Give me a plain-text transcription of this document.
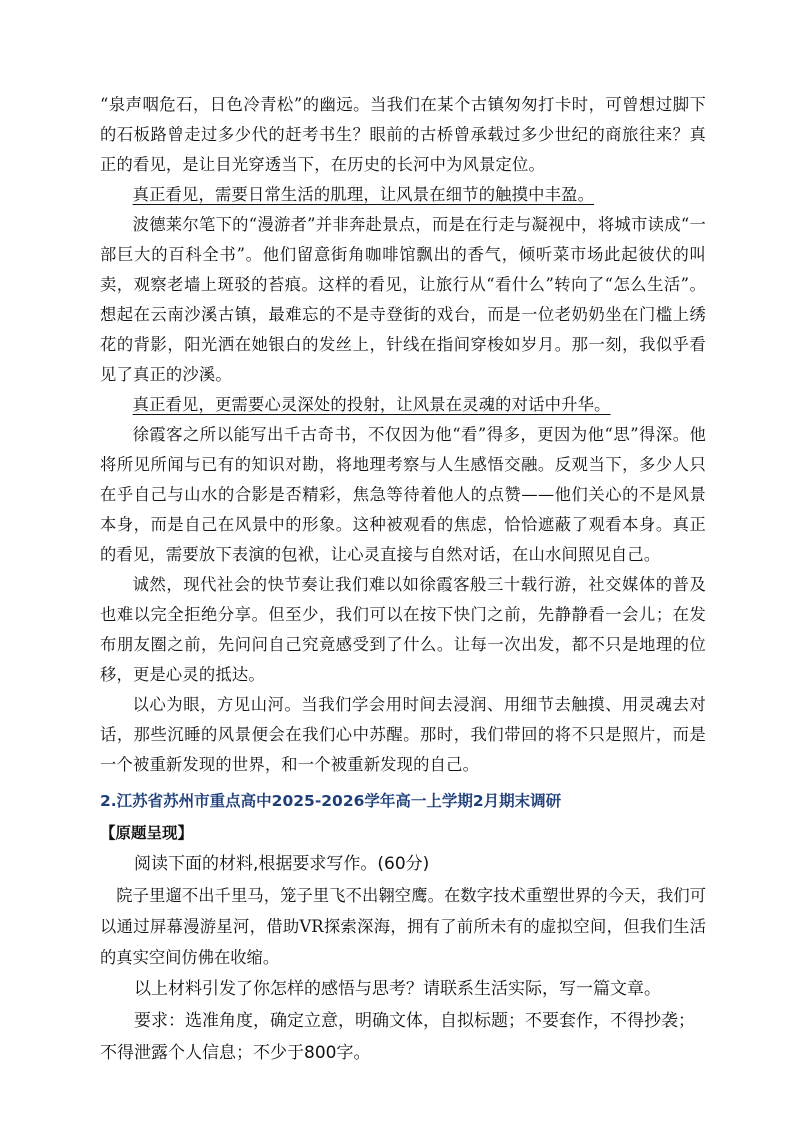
“泉声咽危石，日色冷青松”的幽远。当我们在某个古镇匆匆打卡时，可曾想过脚下的石板路曾走过多少代的赶考书生？眼前的古桥曾承载过多少世纪的商旅往来？真正的看见，是让目光穿透当下，在历史的长河中为风景定位。

真正看见，需要日常生活的肌理，让风景在细节的触摸中丰盈。

波德莱尔笔下的“漫游者”并非奔赴景点，而是在行走与凝视中，将城市读成“一部巨大的百科全书”。他们留意街角咖啡馆飘出的香气，倾听菜市场此起彼伏的叫卖，观察老墙上斑驳的苔痕。这样的看见，让旅行从“看什么”转向了“怎么生活”。想起在云南沙溪古镇，最难忘的不是寺登街的戏台，而是一位老奶奶坐在门槛上绣花的背影，阳光洒在她银白的发丝上，针线在指间穿梭如岁月。那一刻，我似乎看见了真正的沙溪。

真正看见，更需要心灵深处的投射，让风景在灵魂的对话中升华。

徐霞客之所以能写出千古奇书，不仅因为他“看”得多，更因为他“思”得深。他将所见所闻与已有的知识对勘，将地理考察与人生感悟交融。反观当下，多少人只在乎自己与山水的合影是否精彩，焦急等待着他人的点赞——他们关心的不是风景本身，而是自己在风景中的形象。这种被观看的焦虑，恰恰遮蔽了观看本身。真正的看见，需要放下表演的包袱，让心灵直接与自然对话，在山水间照见自己。

诚然，现代社会的快节奏让我们难以如徐霞客般三十载行游，社交媒体的普及也难以完全拒绝分享。但至少，我们可以在按下快门之前，先静静看一会儿；在发布朋友圈之前，先问问自己究竟感受到了什么。让每一次出发，都不只是地理的位移，更是心灵的抵达。

以心为眼，方见山河。当我们学会用时间去浸润、用细节去触摸、用灵魂去对话，那些沉睡的风景便会在我们心中苏醒。那时，我们带回的将不只是照片，而是一个被重新发现的世界，和一个被重新发现的自己。

2.江苏省苏州市重点高中2025-2026学年高一上学期2月期末调研
【原题呈现】

阅读下面的材料,根据要求写作。(60分)

院子里遛不出千里马，笼子里飞不出翱空鹰。在数字技术重塑世界的今天，我们可以通过屏幕漫游星河，借助VR探索深海，拥有了前所未有的虚拟空间，但我们生活的真实空间仿佛在收缩。

以上材料引发了你怎样的感悟与思考？请联系生活实际，写一篇文章。

要求：选准角度，确定立意，明确文体，自拟标题；不要套作，不得抄袭；不得泄露个人信息；不少于800字。
